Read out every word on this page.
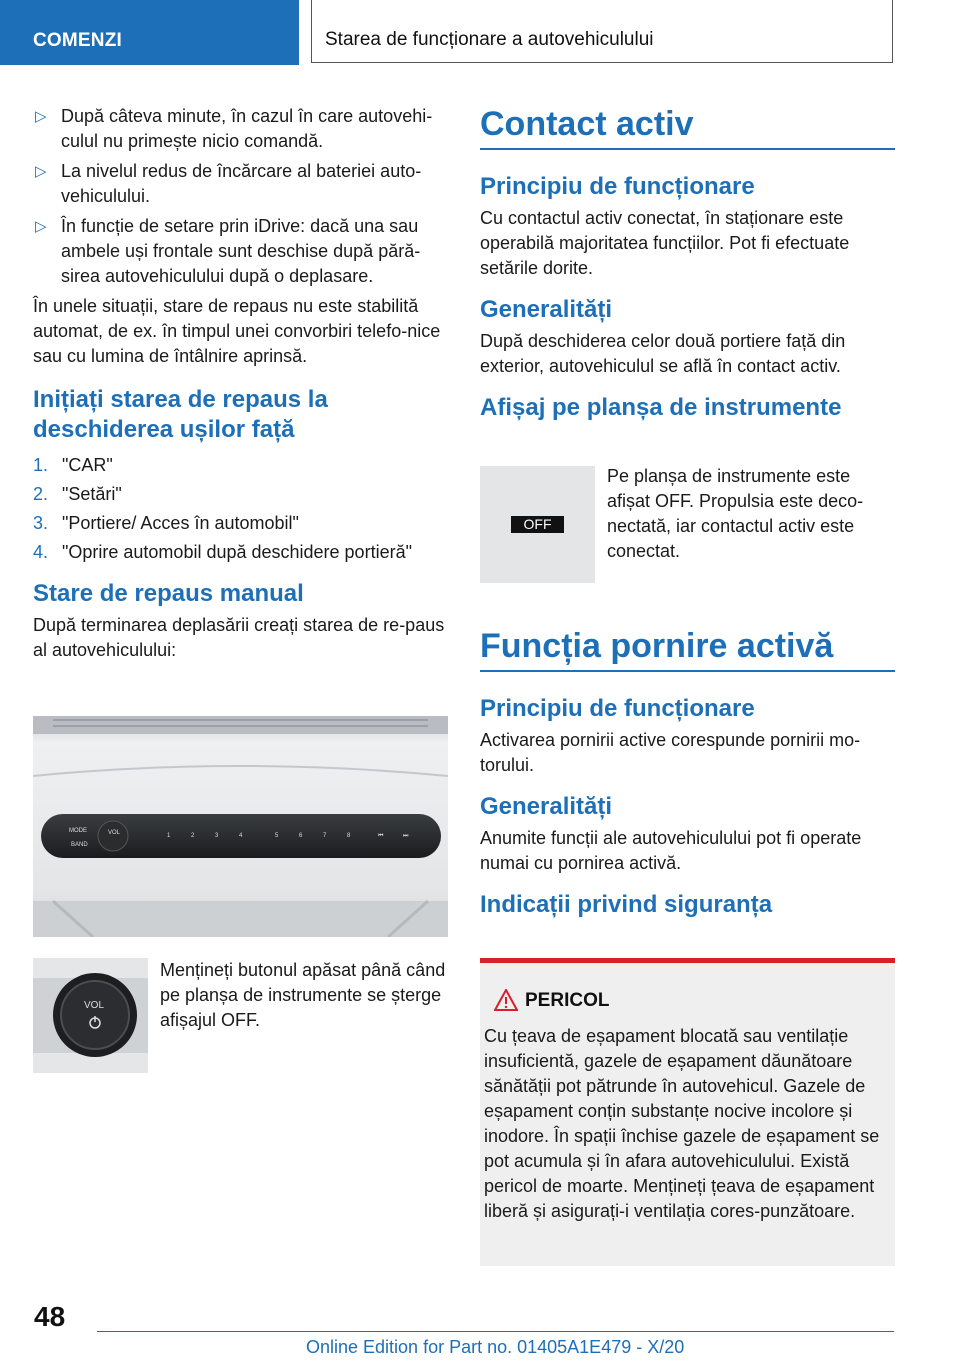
COMENZI	Starea de funcționare a autovehiculului
▷ După câteva minute, în cazul în care autovehi-culul nu primește nicio comandă.
▷ La nivelul redus de încărcare al bateriei auto-vehiculului.
▷ În funcție de setare prin iDrive: dacă una sau ambele uși frontale sunt deschise după pără-sirea autovehiculului după o deplasare.
În unele situații, stare de repaus nu este stabilită automat, de ex. în timpul unei convorbiri telefo-nice sau cu lumina de întâlnire aprinsă.
Inițiați starea de repaus la deschiderea ușilor față
1. "CAR"
2. "Setări"
3. "Portiere/ Acces în automobil"
4. "Oprire automobil după deschidere portieră"
Stare de repaus manual
După terminarea deplasării creați starea de re-paus al autovehiculului:
MODE
BAND
VOL	1	2	3	4	5	6	7	8	⏮	⏭
VOL
Mențineți butonul apăsat până când pe planșa de instrumente se șterge afișajul OFF.
Contact activ
Principiu de funcționare
Cu contactul activ conectat, în staționare este operabilă majoritatea funcțiilor. Pot fi efectuate setările dorite.
Generalități
După deschiderea celor două portiere față din exterior, autovehiculul se află în contact activ.
Afișaj pe planșa de instrumente
OFF
Pe planșa de instrumente este afișat OFF. Propulsia este deco-nectată, iar contactul activ este conectat.
Funcția pornire activă
Principiu de funcționare
Activarea pornirii active corespunde pornirii mo-torului.
Generalități
Anumite funcții ale autovehiculului pot fi operate numai cu pornirea activă.
Indicații privind siguranța
PERICOL
Cu țeava de eșapament blocată sau ventilație insuficientă, gazele de eșapament dăunătoare sănătății pot pătrunde în autovehicul. Gazele de eșapament conțin substanțe nocive incolore și inodore. În spații închise gazele de eșapament se pot acumula și în afara autovehiculului. Există pericol de moarte. Mențineți țeava de eșapament liberă și asigurați-i ventilația cores-punzătoare.
48
Online Edition for Part no. 01405A1E479 - X/20
